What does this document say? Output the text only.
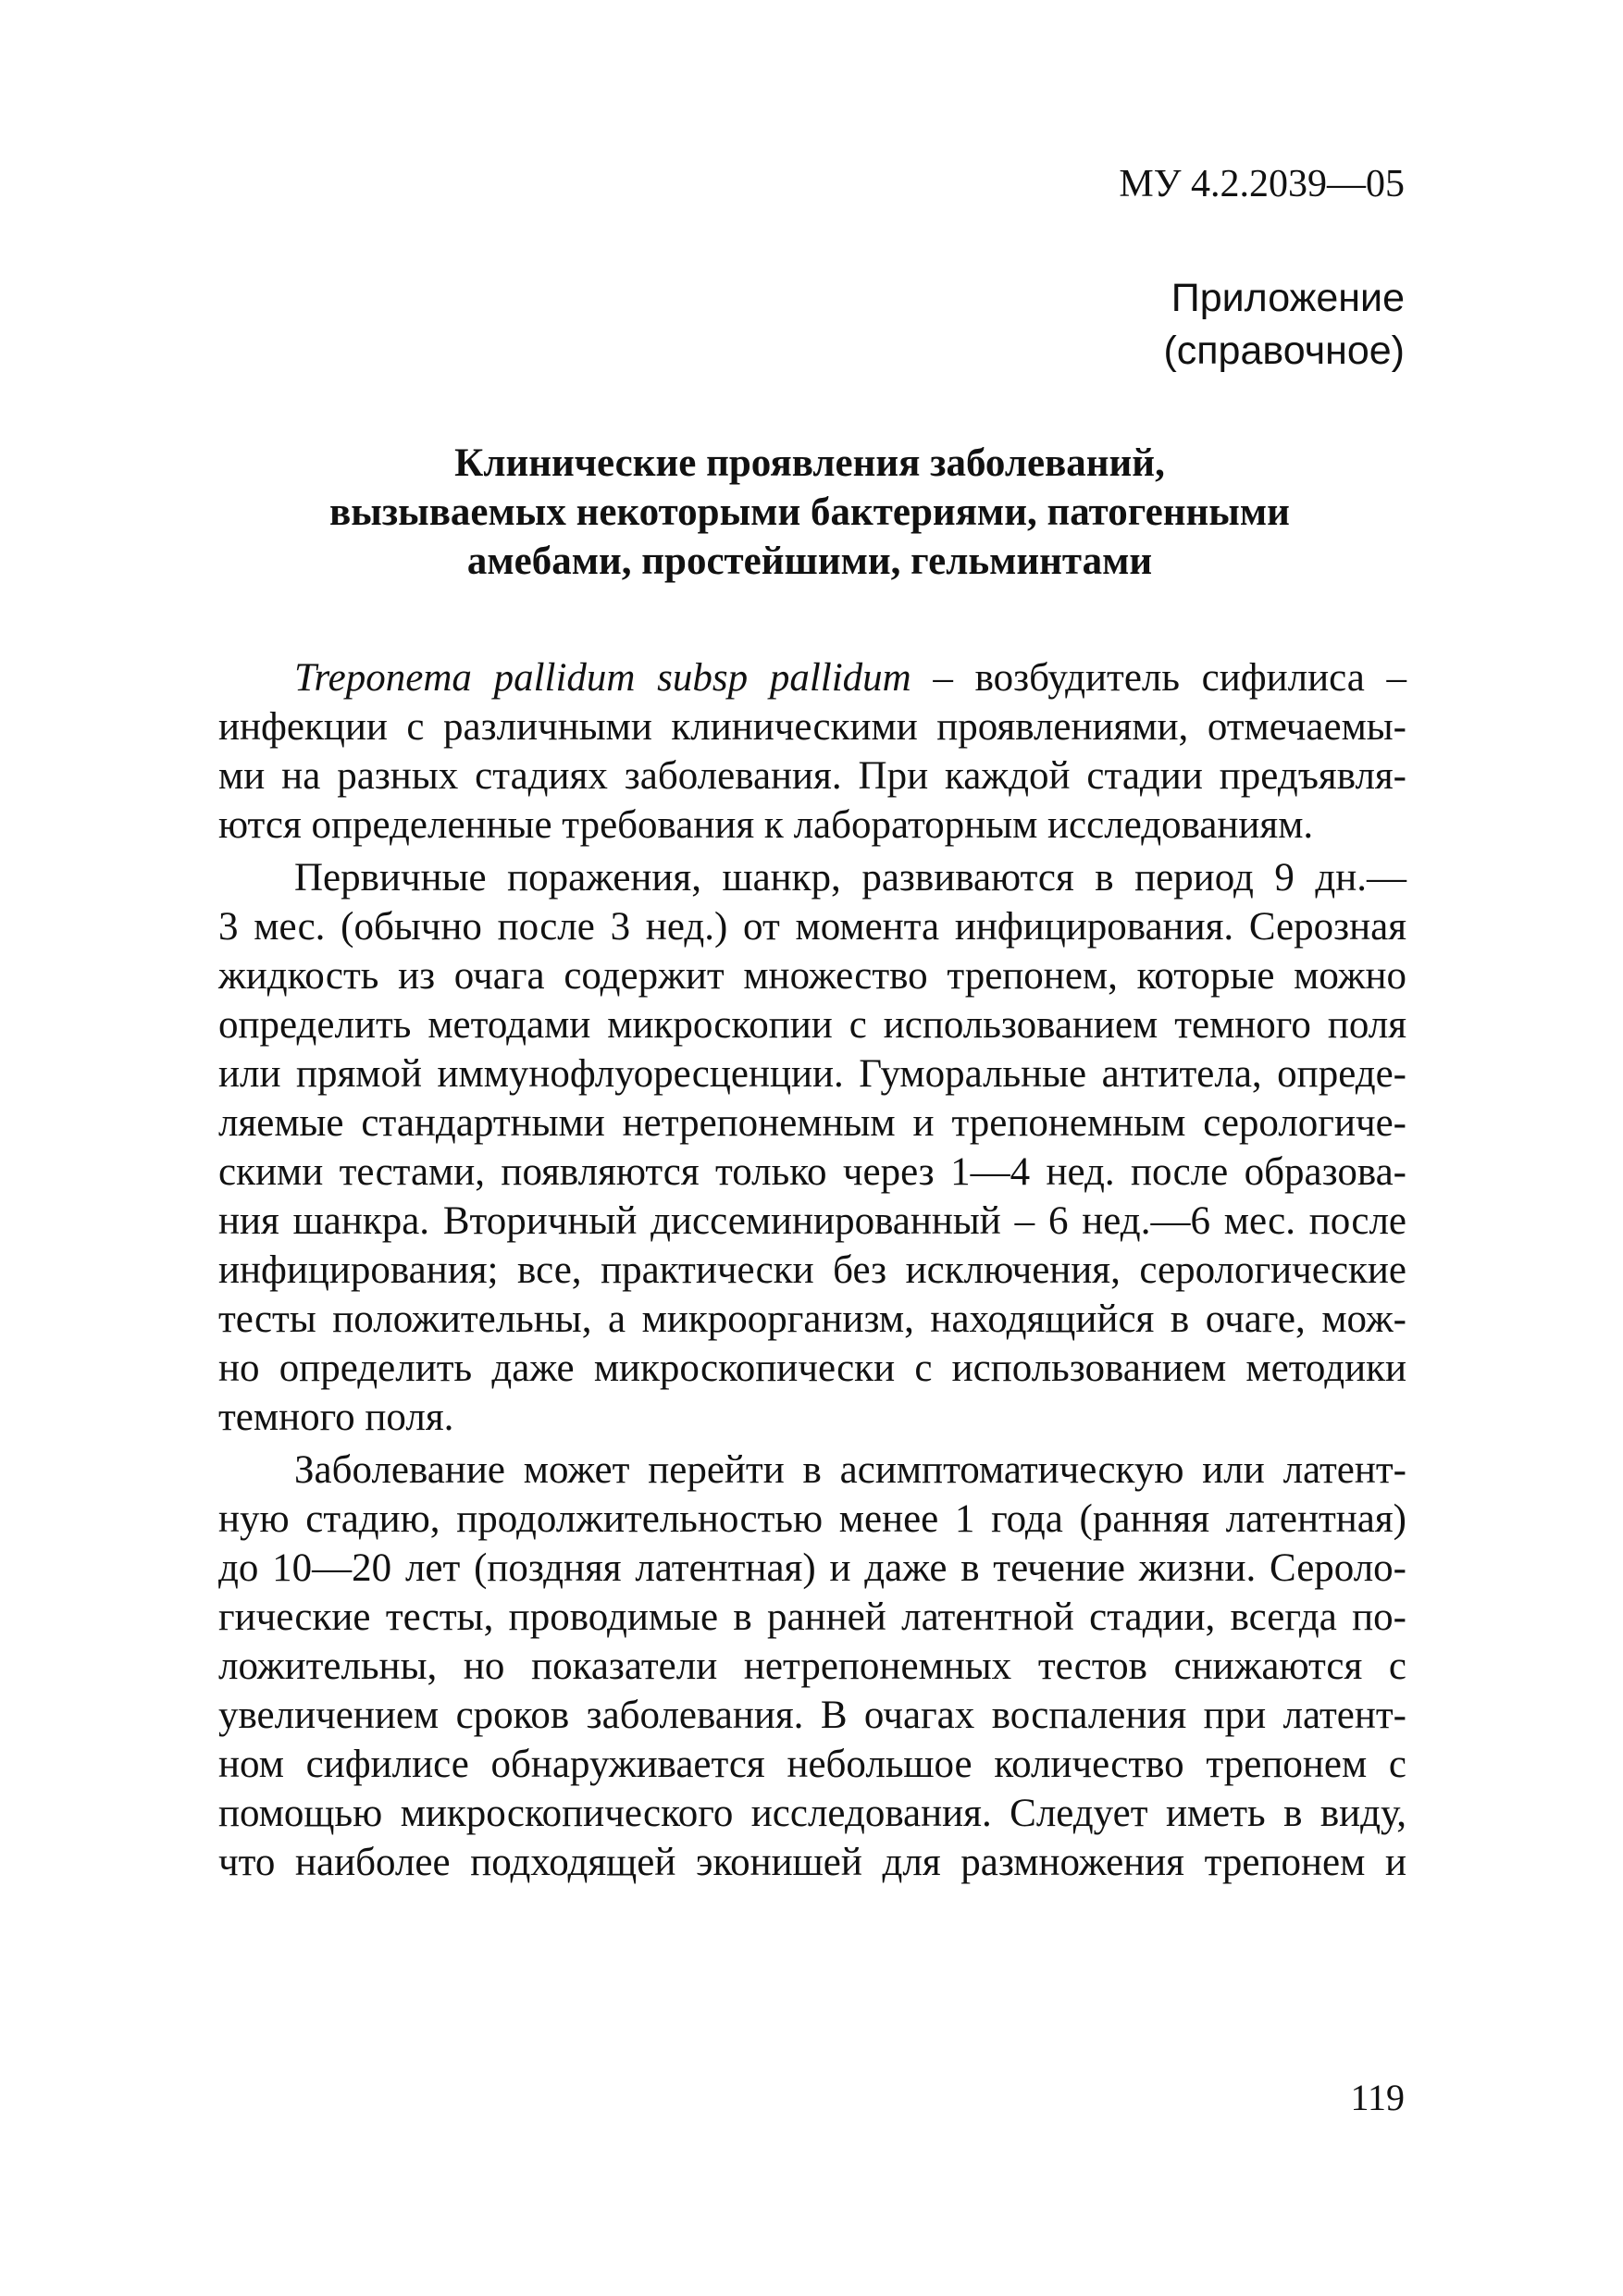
МУ 4.2.2039—05
Приложение
(справочное)
Клинические проявления заболеваний,
вызываемых некоторыми бактериями, патогенными
амебами, простейшими, гельминтами
Treponema pallidum subsp pallidum – возбудитель сифилиса –
инфекции с различными клиническими проявлениями, отмечаемы-
ми на разных стадиях заболевания. При каждой стадии предъявля-
ются определенные требования к лабораторным исследованиям.
Первичные поражения, шанкр, развиваются в период 9 дн.—
3 мес. (обычно после 3 нед.) от момента инфицирования. Серозная
жидкость из очага содержит множество трепонем, которые можно
определить методами микроскопии с использованием темного поля
или прямой иммунофлуоресценции. Гуморальные антитела, опреде-
ляемые стандартными нетрепонемным и трепонемным серологиче-
скими тестами, появляются только через 1—4 нед. после образова-
ния шанкра. Вторичный диссеминированный – 6 нед.—6 мес. после
инфицирования; все, практически без исключения, серологические
тесты положительны, а микроорганизм, находящийся в очаге, мож-
но определить даже микроскопически с использованием методики
темного поля.
Заболевание может перейти в асимптоматическую или латент-
ную стадию, продолжительностью менее 1 года (ранняя латентная)
до 10—20 лет (поздняя латентная) и даже в течение жизни. Сероло-
гические тесты, проводимые в ранней латентной стадии, всегда по-
ложительны, но показатели нетрепонемных тестов снижаются с
увеличением сроков заболевания. В очагах воспаления при латент-
ном сифилисе обнаруживается небольшое количество трепонем с
помощью микроскопического исследования. Следует иметь в виду,
что наиболее подходящей эконишей для размножения трепонем и
119
